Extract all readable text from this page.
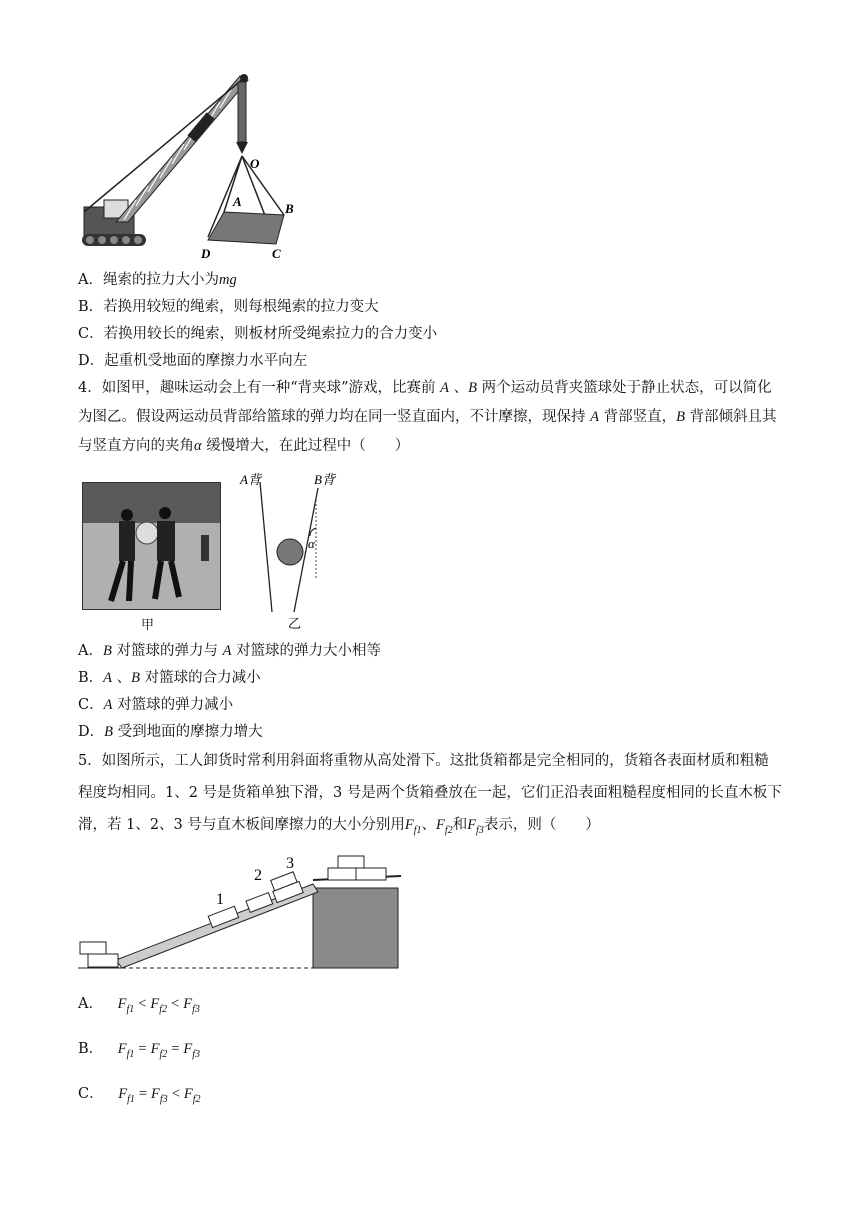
O
A	B
C
D
A．绳索的拉力大小为mg
B．若换用较短的绳索，则每根绳索的拉力变大
C．若换用较长的绳索，则板材所受绳索拉力的合力变小
D．起重机受地面的摩擦力水平向左
4．如图甲，趣味运动会上有一种“背夹球”游戏，比赛前 A 、B 两个运动员背夹篮球处于静止状态，可以简化为图乙。假设两运动员背部给篮球的弹力均在同一竖直面内，不计摩擦，现保持 A 背部竖直，B 背部倾斜且其与竖直方向的夹角α 缓慢增大，在此过程中（　　）
甲
A背	B背
α
乙
A．B 对篮球的弹力与 A 对篮球的弹力大小相等
B．A 、B 对篮球的合力减小
C．A 对篮球的弹力减小
D．B 受到地面的摩擦力增大
5．如图所示，工人卸货时常利用斜面将重物从高处滑下。这批货箱都是完全相同的，货箱各表面材质和粗糙程度均相同。1、2 号是货箱单独下滑，3 号是两个货箱叠放在一起，它们正沿表面粗糙程度相同的长直木板下滑，若 1、2、3 号与直木板间摩擦力的大小分别用$F_{f1}$、$F_{f2}$和$F_{f3}$表示，则（　　）
1
2
3
A． $F_{f1} < F_{f2} < F_{f3}$
B． $F_{f1} = F_{f2} = F_{f3}$
C． $F_{f1} = F_{f3} < F_{f2}$
